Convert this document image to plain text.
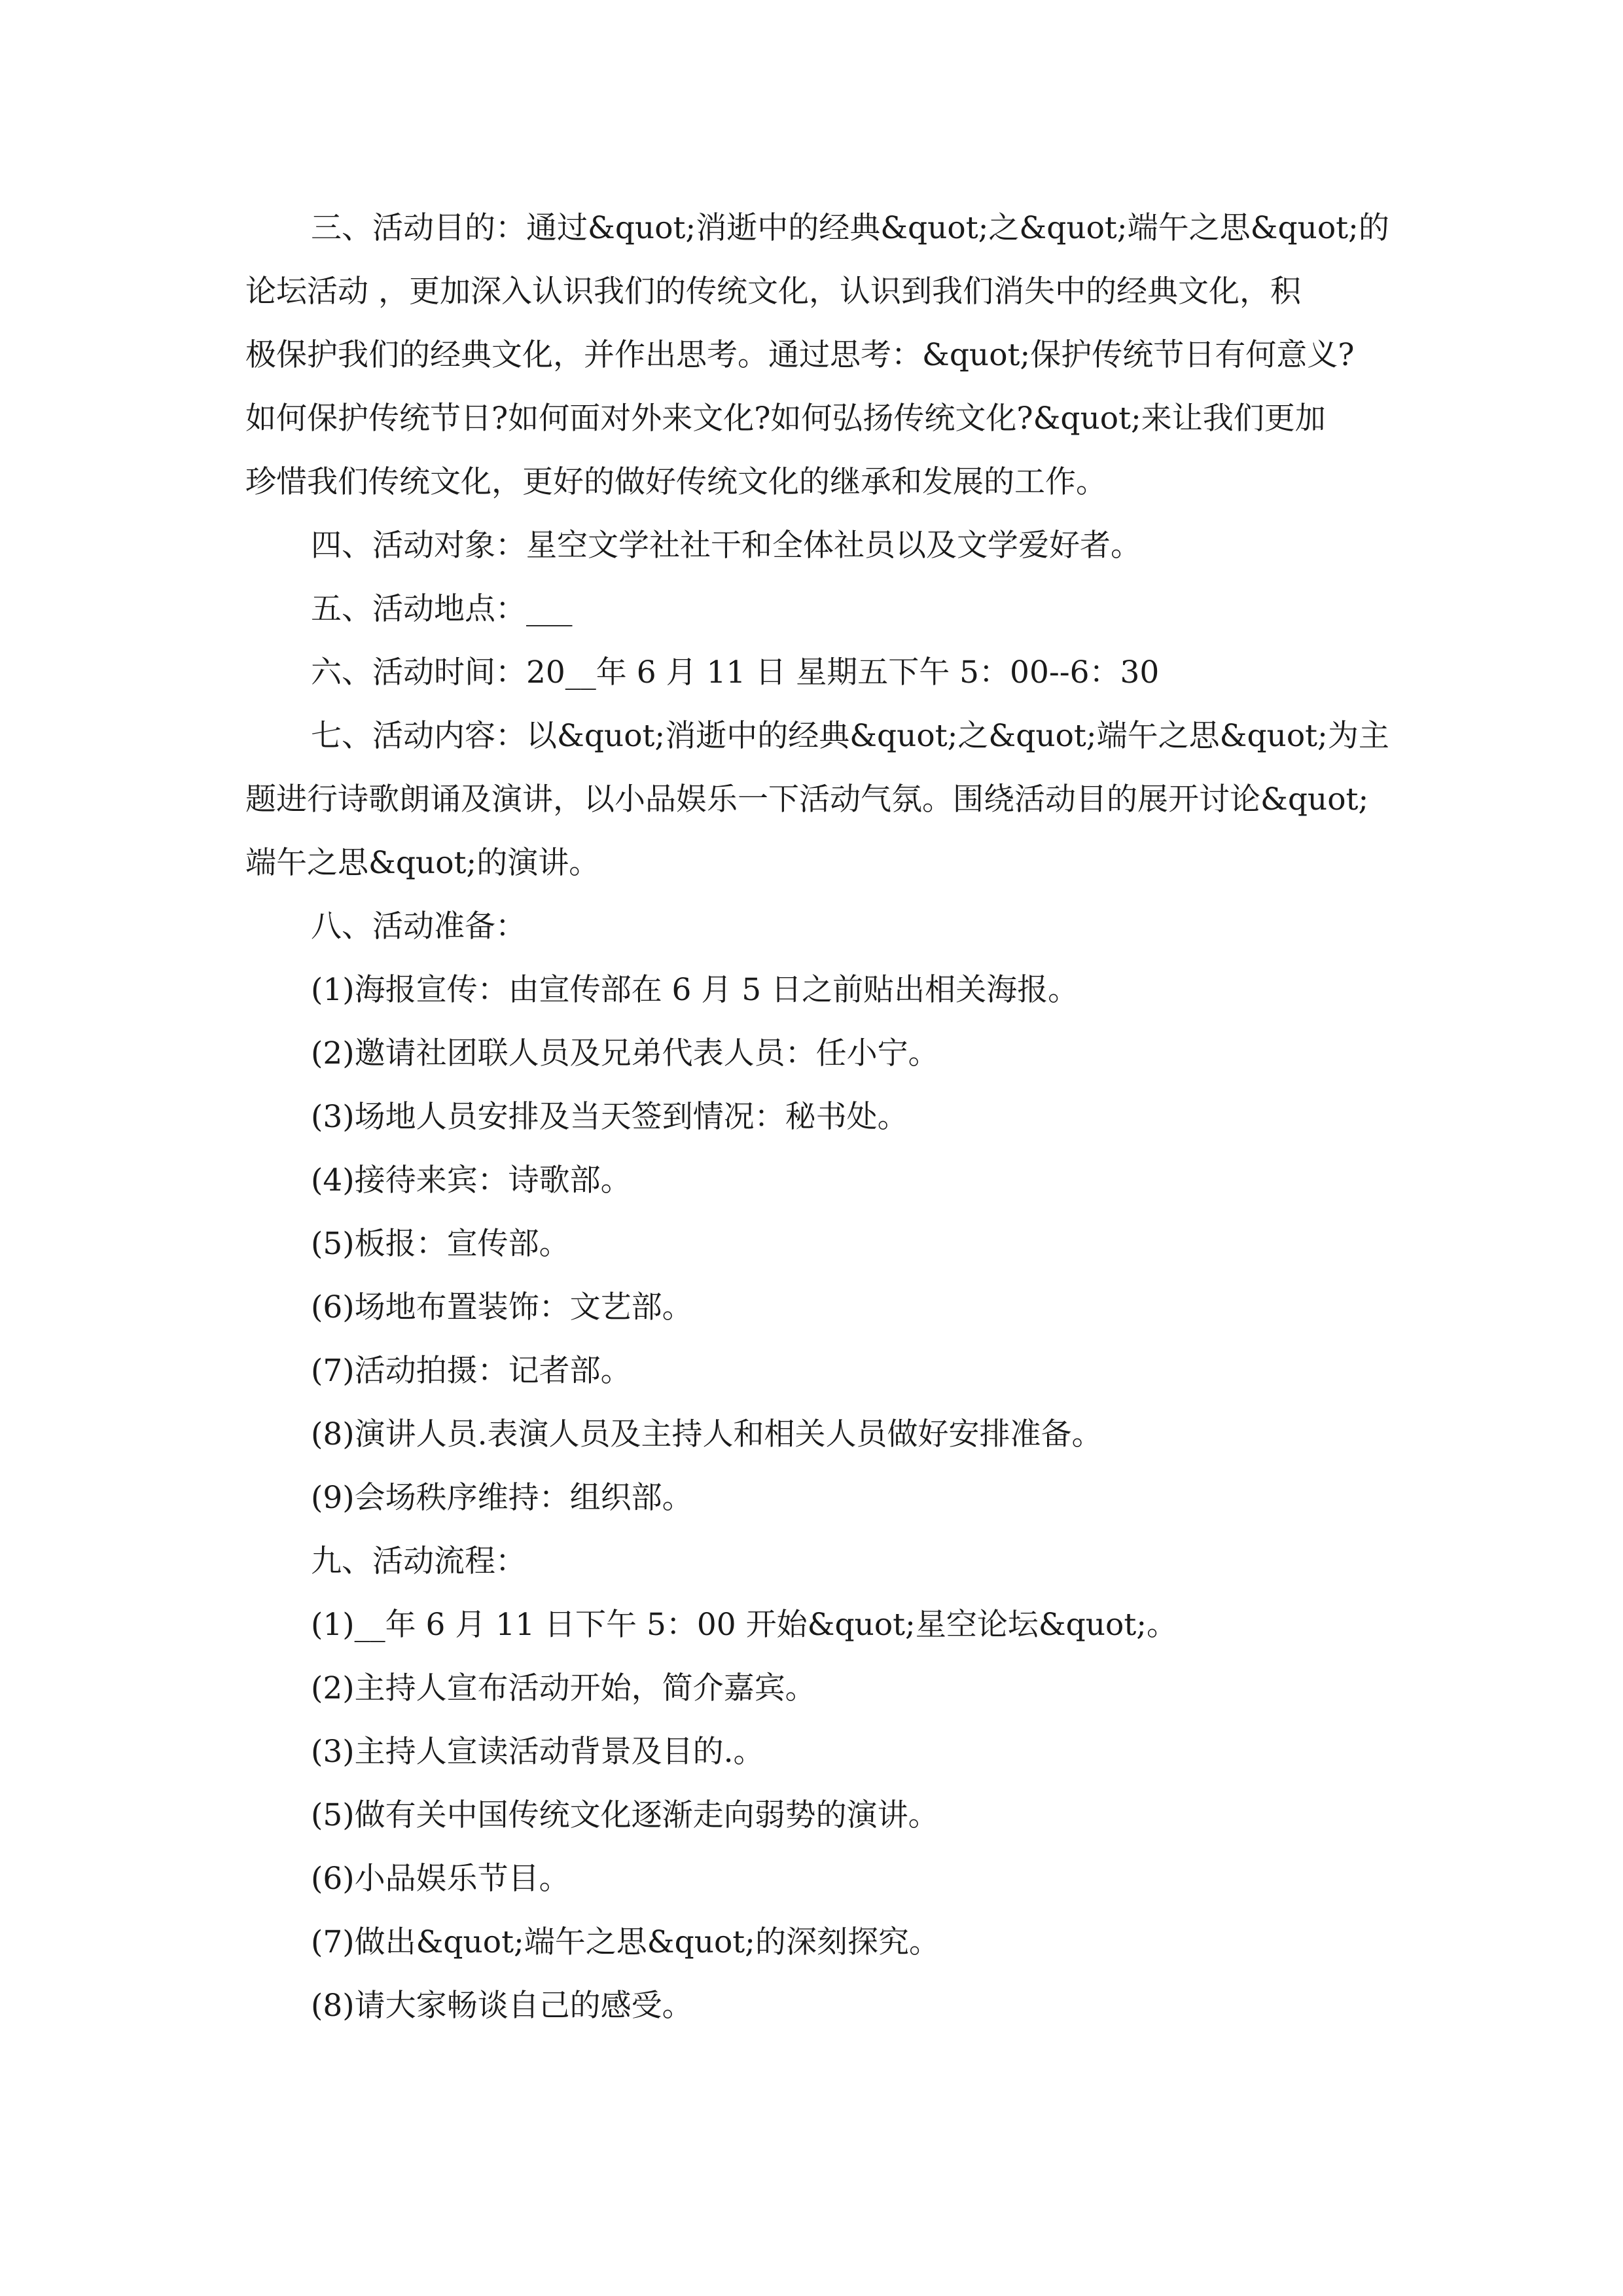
三、活动目的：通过&quot;消逝中的经典&quot;之&quot;端午之思&quot;的
论坛活动 ，更加深入认识我们的传统文化，认识到我们消失中的经典文化，积
极保护我们的经典文化，并作出思考。通过思考：&quot;保护传统节日有何意义?
如何保护传统节日?如何面对外来文化?如何弘扬传统文化?&quot;来让我们更加
珍惜我们传统文化，更好的做好传统文化的继承和发展的工作。
四、活动对象：星空文学社社干和全体社员以及文学爱好者。
五、活动地点：___
六、活动时间：20__年 6 月 11 日 星期五下午 5：00--6：30
七、活动内容：以&quot;消逝中的经典&quot;之&quot;端午之思&quot;为主
题进行诗歌朗诵及演讲，以小品娱乐一下活动气氛。围绕活动目的展开讨论&quot;
端午之思&quot;的演讲。
八、活动准备：
(1)海报宣传：由宣传部在 6 月 5 日之前贴出相关海报。
(2)邀请社团联人员及兄弟代表人员：任小宁。
(3)场地人员安排及当天签到情况：秘书处。
(4)接待来宾：诗歌部。
(5)板报：宣传部。
(6)场地布置装饰：文艺部。
(7)活动拍摄：记者部。
(8)演讲人员.表演人员及主持人和相关人员做好安排准备。
(9)会场秩序维持：组织部。
九、活动流程：
(1)__年 6 月 11 日下午 5：00 开始&quot;星空论坛&quot;。
(2)主持人宣布活动开始，简介嘉宾。
(3)主持人宣读活动背景及目的.。
(5)做有关中国传统文化逐渐走向弱势的演讲。
(6)小品娱乐节目。
(7)做出&quot;端午之思&quot;的深刻探究。
(8)请大家畅谈自己的感受。
